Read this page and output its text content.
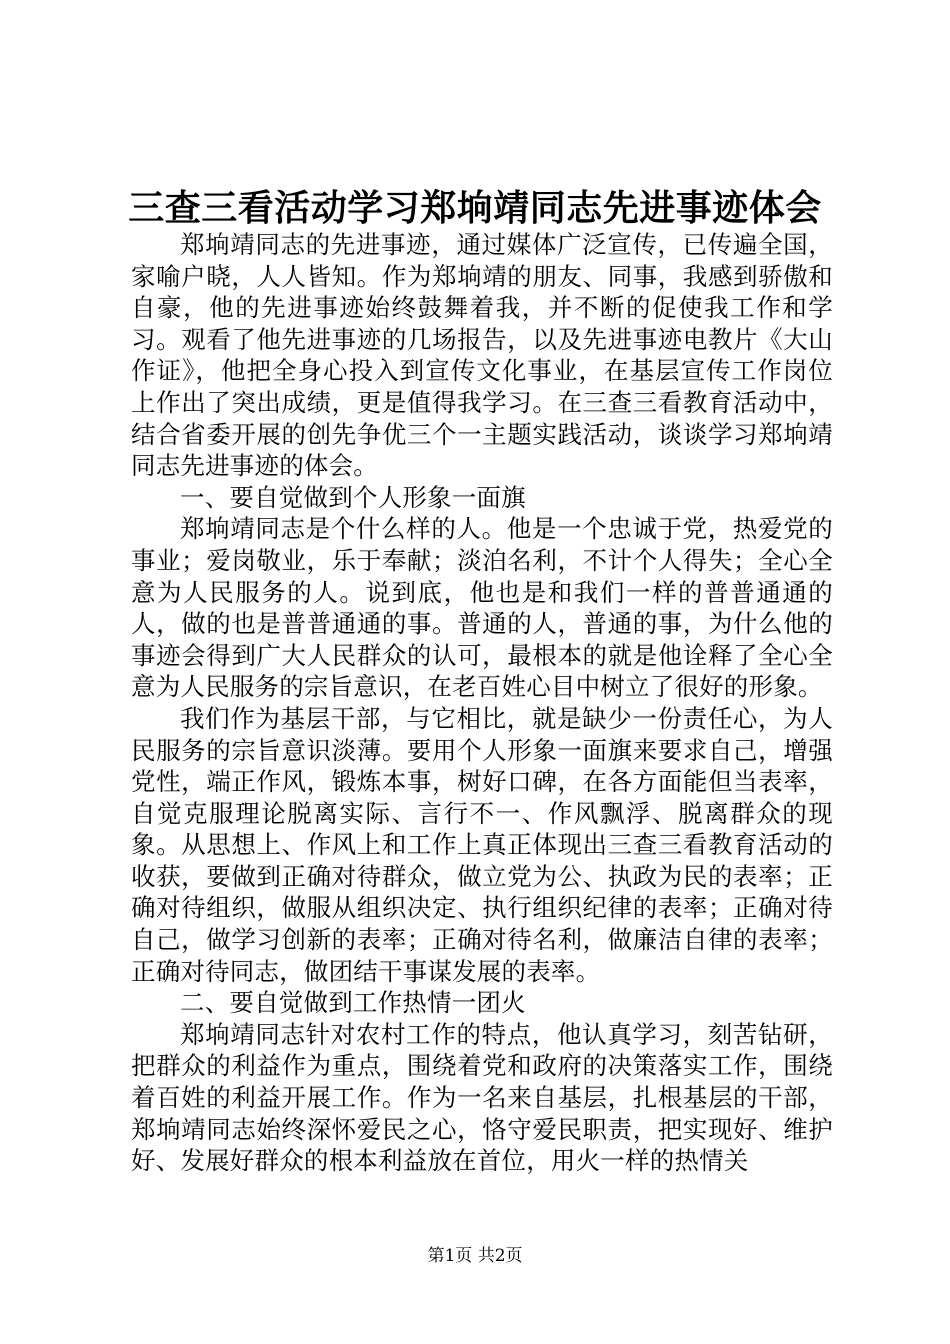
三查三看活动学习郑垧靖同志先进事迹体会

郑垧靖同志的先进事迹，通过媒体广泛宣传，已传遍全国，家喻户晓，人人皆知。作为郑垧靖的朋友、同事，我感到骄傲和自豪，他的先进事迹始终鼓舞着我，并不断的促使我工作和学习。观看了他先进事迹的几场报告，以及先进事迹电教片《大山作证》，他把全身心投入到宣传文化事业，在基层宣传工作岗位上作出了突出成绩，更是值得我学习。在三查三看教育活动中，结合省委开展的创先争优三个一主题实践活动，谈谈学习郑垧靖同志先进事迹的体会。

一、要自觉做到个人形象一面旗

郑垧靖同志是个什么样的人。他是一个忠诚于党，热爱党的事业；爱岗敬业，乐于奉献；淡泊名利，不计个人得失；全心全意为人民服务的人。说到底，他也是和我们一样的普普通通的人，做的也是普普通通的事。普通的人，普通的事，为什么他的事迹会得到广大人民群众的认可，最根本的就是他诠释了全心全意为人民服务的宗旨意识，在老百姓心目中树立了很好的形象。

我们作为基层干部，与它相比，就是缺少一份责任心，为人民服务的宗旨意识淡薄。要用个人形象一面旗来要求自己，增强党性，端正作风，锻炼本事，树好口碑，在各方面能但当表率，自觉克服理论脱离实际、言行不一、作风飘浮、脱离群众的现象。从思想上、作风上和工作上真正体现出三查三看教育活动的收获，要做到正确对待群众，做立党为公、执政为民的表率；正确对待组织，做服从组织决定、执行组织纪律的表率；正确对待自己，做学习创新的表率；正确对待名利，做廉洁自律的表率；正确对待同志，做团结干事谋发展的表率。

二、要自觉做到工作热情一团火

郑垧靖同志针对农村工作的特点，他认真学习，刻苦钻研，把群众的利益作为重点，围绕着党和政府的决策落实工作，围绕着百姓的利益开展工作。作为一名来自基层，扎根基层的干部，郑垧靖同志始终深怀爱民之心，恪守爱民职责，把实现好、维护好、发展好群众的根本利益放在首位，用火一样的热情关

第1页 共2页
